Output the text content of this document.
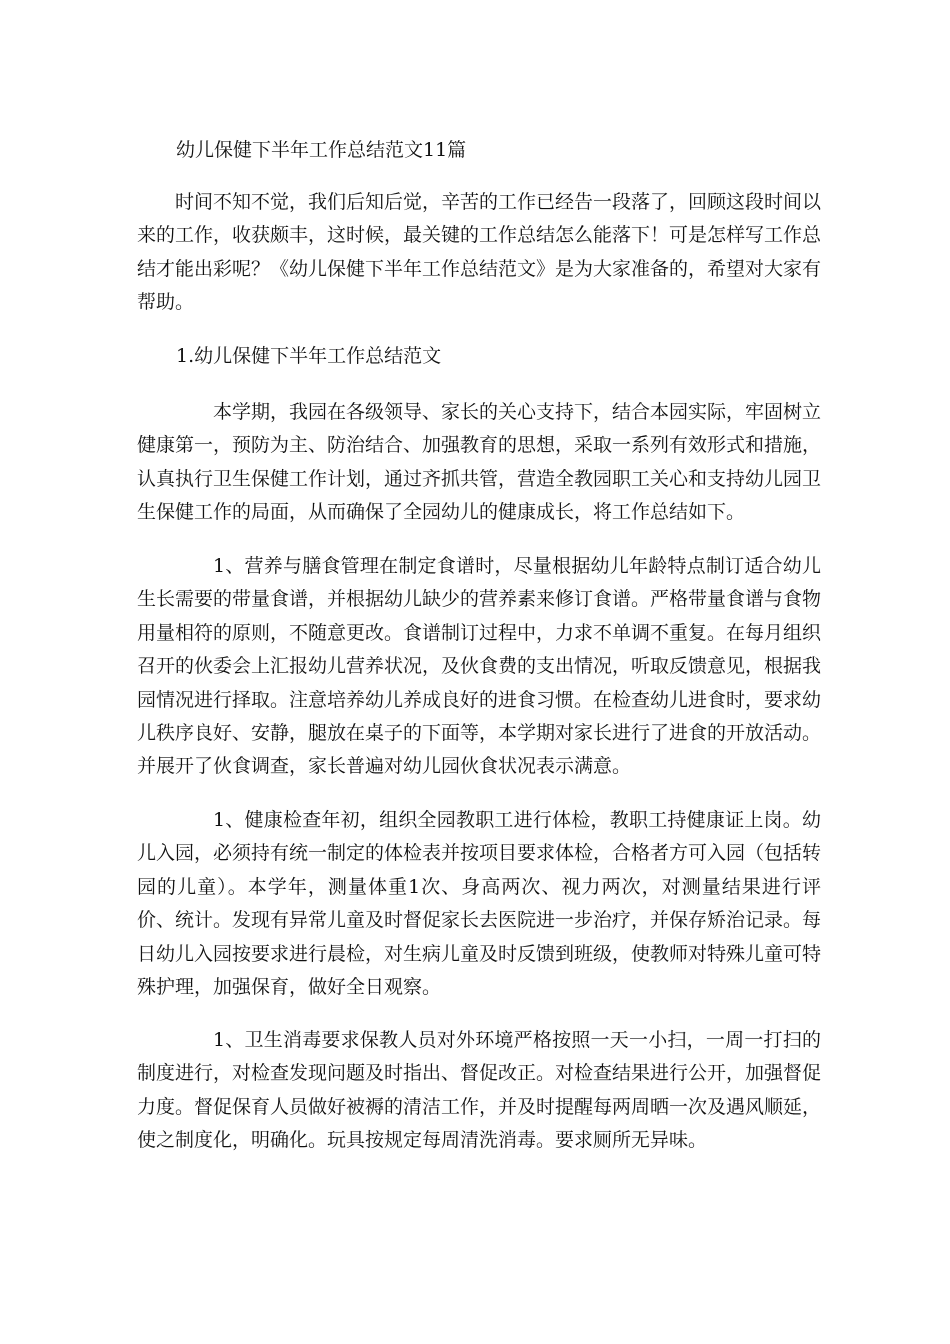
幼儿保健下半年工作总结范文11篇

时间不知不觉，我们后知后觉，辛苦的工作已经告一段落了，回顾这段时间以来的工作，收获颇丰，这时候，最关键的工作总结怎么能落下！可是怎样写工作总结才能出彩呢？《幼儿保健下半年工作总结范文》是为大家准备的，希望对大家有帮助。

1.幼儿保健下半年工作总结范文

本学期，我园在各级领导、家长的关心支持下，结合本园实际，牢固树立健康第一，预防为主、防治结合、加强教育的思想，采取一系列有效形式和措施，认真执行卫生保健工作计划，通过齐抓共管，营造全教园职工关心和支持幼儿园卫生保健工作的局面，从而确保了全园幼儿的健康成长，将工作总结如下。

1、营养与膳食管理在制定食谱时，尽量根据幼儿年龄特点制订适合幼儿生长需要的带量食谱，并根据幼儿缺少的营养素来修订食谱。严格带量食谱与食物用量相符的原则，不随意更改。食谱制订过程中，力求不单调不重复。在每月组织召开的伙委会上汇报幼儿营养状况，及伙食费的支出情况，听取反馈意见，根据我园情况进行择取。注意培养幼儿养成良好的进食习惯。在检查幼儿进食时，要求幼儿秩序良好、安静，腿放在桌子的下面等，本学期对家长进行了进食的开放活动。并展开了伙食调查，家长普遍对幼儿园伙食状况表示满意。

1、健康检查年初，组织全园教职工进行体检，教职工持健康证上岗。幼儿入园，必须持有统一制定的体检表并按项目要求体检，合格者方可入园（包括转园的儿童）。本学年，测量体重1次、身高两次、视力两次，对测量结果进行评价、统计。发现有异常儿童及时督促家长去医院进一步治疗，并保存矫治记录。每日幼儿入园按要求进行晨检，对生病儿童及时反馈到班级，使教师对特殊儿童可特殊护理，加强保育，做好全日观察。

1、卫生消毒要求保教人员对外环境严格按照一天一小扫，一周一打扫的制度进行，对检查发现问题及时指出、督促改正。对检查结果进行公开，加强督促力度。督促保育人员做好被褥的清洁工作，并及时提醒每两周晒一次及遇风顺延，使之制度化，明确化。玩具按规定每周清洗消毒。要求厕所无异味。
